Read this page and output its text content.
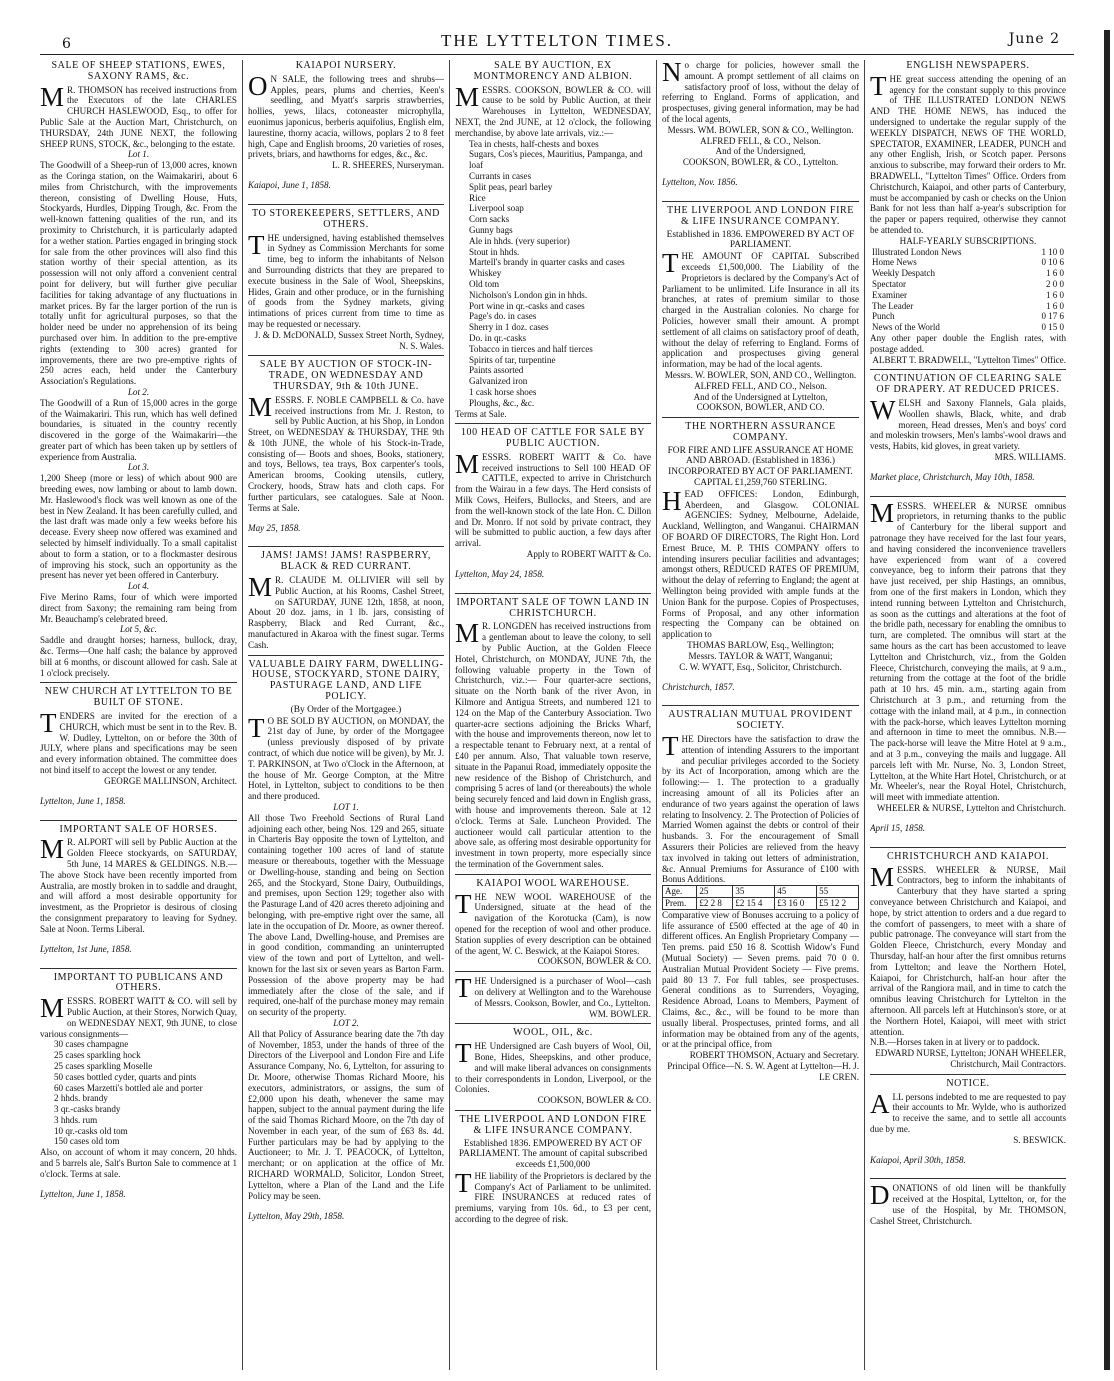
6	THE LYTTELTON TIMES.	June 2
SALE OF SHEEP STATIONS, EWES, SAXONY RAMS, &c.

M R. THOMSON has received instructions from the Executors of the late CHARLES CHURCH HASLEWOOD, Esq., to offer for Public Sale at the Auction Mart, Christchurch, on THURSDAY, 24th JUNE NEXT, the following SHEEP RUNS, STOCK, &c., belonging to the estate.

Lot 1.

The Goodwill of a Sheep-run of 13,000 acres, known as the Coringa station, on the Waimakariri, about 6 miles from Christchurch, with the improvements thereon, consisting of Dwelling House, Huts, Stockyards, Hurdles, Dipping Trough, &c. From the well-known fattening qualities of the run, and its proximity to Christchurch, it is particularly adapted for a wether station. Parties engaged in bringing stock for sale from the other provinces will also find this station worthy of their special attention, as its possession will not only afford a convenient central point for delivery, but will further give peculiar facilities for taking advantage of any fluctuations in market prices. By far the larger portion of the run is totally unfit for agricultural purposes, so that the holder need be under no apprehension of its being purchased over him. In addition to the pre-emptive rights (extending to 300 acres) granted for improvements, there are two pre-emptive rights of 250 acres each, held under the Canterbury Association's Regulations.

Lot 2.

The Goodwill of a Run of 15,000 acres in the gorge of the Waimakariri. This run, which has well defined boundaries, is situated in the country recently discovered in the gorge of the Waimakariri—the greater part of which has been taken up by settlers of experience from Australia.

Lot 3.

1,200 Sheep (more or less) of which about 900 are breeding ewes, now lambing or about to lamb down. Mr. Haslewood's flock was well known as one of the best in New Zealand. It has been carefully culled, and the last draft was made only a few weeks before his decease. Every sheep now offered was examined and selected by himself individually. To a small capitalist about to form a station, or to a flockmaster desirous of improving his stock, such an opportunity as the present has never yet been offered in Canterbury.

Lot 4.

Five Merino Rams, four of which were imported direct from Saxony; the remaining ram being from Mr. Beauchamp's celebrated breed.

Lot 5, &c.

Saddle and draught horses; harness, bullock, dray, &c. Terms—One half cash; the balance by approved bill at 6 months, or discount allowed for cash. Sale at 1 o'clock precisely.

NEW CHURCH AT LYTTELTON TO BE BUILT OF STONE.

TENDERS are invited for the erection of a CHURCH, which must be sent in to the Rev. B. W. Dudley, Lyttelton, on or before the 30th of JULY, where plans and specifications may be seen and every information obtained. The committee does not bind itself to accept the lowest or any tender.

GEORGE MALLINSON, Architect.

Lyttelton, June 1, 1858.

IMPORTANT SALE OF HORSES.

M R. ALPORT will sell by Public Auction at the Golden Fleece stockyards, on SATURDAY, 5th June, 14 MARES & GELDINGS. N.B.—The above Stock have been recently imported from Australia, are mostly broken in to saddle and draught, and will afford a most desirable opportunity for investment, as the Proprietor is desirous of closing the consignment preparatory to leaving for Sydney. Sale at Noon. Terms Liberal.

Lyttelton, 1st June, 1858.

IMPORTANT TO PUBLICANS AND OTHERS.

MESSRS. ROBERT WAITT & CO. will sell by Public Auction, at their Stores, Norwich Quay, on WEDNESDAY NEXT, 9th JUNE, to close various consignments—

30 cases champagne

25 cases sparkling hock

25 cases sparkling Moselle

50 cases bottled cyder, quarts and pints

60 cases Marzetti's bottled ale and porter

2 hhds. brandy

3 qr.-casks brandy

3 hhds. rum

10 qr.-casks old tom

150 cases old tom

Also, on account of whom it may concern, 20 hhds. and 5 barrels ale, Salt's Burton Sale to commence at 1 o'clock. Terms at sale.

Lyttelton, June 1, 1858.

KAIAPOI NURSERY.

O N SALE, the following trees and shrubs— Apples, pears, plums and cherries, Keen's seedling, and Myatt's sarpris strawberries, hollies, yews, lilacs, cotoneaster microphylla, euonimus japonicus, berberis aquifolius, English elm, laurestine, thorny acacia, willows, poplars 2 to 8 feet high, Cape and English brooms, 20 varieties of roses, privets, briars, and hawthorns for edges, &c., &c.

L. R. SHEERES, Nurseryman.

Kaiapoi, June 1, 1858.

TO STOREKEEPERS, SETTLERS, AND OTHERS.

THE undersigned, having established themselves in Sydney as Commission Merchants for some time, beg to inform the inhabitants of Nelson and Surrounding districts that they are prepared to execute business in the Sale of Wool, Sheepskins, Hides, Grain and other produce, or in the furnishing of goods from the Sydney markets, giving intimations of prices current from time to time as may be requested or necessary.

J. & D. McDONALD, Sussex Street North, Sydney, N. S. Wales.

SALE BY AUCTION OF STOCK-IN-TRADE, ON WEDNESDAY AND THURSDAY, 9th & 10th JUNE.

MESSRS. F. NOBLE CAMPBELL & Co. have received instructions from Mr. J. Reston, to sell by Public Auction, at his Shop, in London Street, on WEDNESDAY & THURSDAY, THE 9th & 10th JUNE, the whole of his Stock-in-Trade, consisting of— Boots and shoes, Books, stationery, and toys, Bellows, tea trays, Box carpenter's tools, American brooms, Cooking utensils, cutlery, Crockery, hoods, Straw hats and cloth caps. For further particulars, see catalogues. Sale at Noon. Terms at Sale.

May 25, 1858.

JAMS! JAMS! JAMS! RASPBERRY, BLACK & RED CURRANT.

M R. CLAUDE M. OLLIVIER will sell by Public Auction, at his Rooms, Cashel Street, on SATURDAY, JUNE 12th, 1858, at noon, About 20 doz. jams, in 1 lb. jars, consisting of Raspberry, Black and Red Currant, &c., manufactured in Akaroa with the finest sugar. Terms Cash.

VALUABLE DAIRY FARM, DWELLING-HOUSE, STOCKYARD, STONE DAIRY, PASTURAGE LAND, AND LIFE POLICY.
(By Order of the Mortgagee.)

T O BE SOLD BY AUCTION, on MONDAY, the 21st day of June, by order of the Mortgagee (unless previously disposed of by private contract, of which due notice will be given), by Mr. J. T. PARKINSON, at Two o'Clock in the Afternoon, at the house of Mr. George Compton, at the Mitre Hotel, in Lyttelton, subject to conditions to be then and there produced.

LOT 1.

All those Two Freehold Sections of Rural Land adjoining each other, being Nos. 129 and 265, situate in Charteris Bay opposite the town of Lyttelton, and containing together 100 acres of land of statute measure or thereabouts, together with the Messuage or Dwelling-house, standing and being on Section 265, and the Stockyard, Stone Dairy, Outbuildings, and premises, upon Section 129; together also with the Pasturage Land of 420 acres thereto adjoining and belonging, with pre-emptive right over the same, all late in the occupation of Dr. Moore, as owner thereof. The above Land, Dwelling-house, and Premises are in good condition, commanding an uninterrupted view of the town and port of Lyttelton, and well-known for the last six or seven years as Barton Farm. Possession of the above property may be had immediately after the close of the sale, and if required, one-half of the purchase money may remain on security of the property.

LOT 2.

All that Policy of Assurance bearing date the 7th day of November, 1853, under the hands of three of the Directors of the Liverpool and London Fire and Life Assurance Company, No. 6, Lyttelton, for assuring to Dr. Moore, otherwise Thomas Richard Moore, his executors, administrators, or assigns, the sum of £2,000 upon his death, whenever the same may happen, subject to the annual payment during the life of the said Thomas Richard Moore, on the 7th day of November in each year, of the sum of £63 8s. 4d. Further particulars may be had by applying to the Auctioneer; to Mr. J. T. PEACOCK, of Lyttelton, merchant; or on application at the office of Mr. RICHARD WORMALD, Solicitor, London Street, Lyttelton, where a Plan of the Land and the Life Policy may be seen.

Lyttelton, May 29th, 1858.

SALE BY AUCTION, EX MONTMORENCY AND ALBION.

MESSRS. COOKSON, BOWLER & CO. will cause to be sold by Public Auction, at their Warehouses in Lyttelton, WEDNESDAY, NEXT, the 2nd JUNE, at 12 o'clock, the following merchandise, by above late arrivals, viz.:—

Tea in chests, half-chests and boxes

Sugars, Cos's pieces, Mauritius, Pampanga, and loaf

Currants in cases

Split peas, pearl barley

Rice

Liverpool soap

Corn sacks

Gunny bags

Ale in hhds. (very superior)

Stout in hhds.

Martell's brandy in quarter casks and cases

Whiskey

Old tom

Nicholson's London gin in hhds.

Port wine in qr.-casks and cases

Page's do. in cases

Sherry in 1 doz. cases

Do. in qr.-casks

Tobacco in tierces and half tierces

Spirits of tar, turpentine

Paints assorted

Galvanized iron

1 cask horse shoes

Ploughs, &c., &c.

Terms at Sale.

100 HEAD OF CATTLE FOR SALE BY PUBLIC AUCTION.

MESSRS. ROBERT WAITT & Co. have received instructions to Sell 100 HEAD OF CATTLE, expected to arrive in Christchurch from the Wairau in a few days. The Herd consists of Milk Cows, Heifers, Bullocks, and Steers, and are from the well-known stock of the late Hon. C. Dillon and Dr. Monro. If not sold by private contract, they will be submitted to public auction, a few days after arrival.

Apply to ROBERT WAITT & Co.

Lyttelton, May 24, 1858.

IMPORTANT SALE OF TOWN LAND IN CHRISTCHURCH.

M R. LONGDEN has received instructions from a gentleman about to leave the colony, to sell by Public Auction, at the Golden Fleece Hotel, Christchurch, on MONDAY, JUNE 7th, the following valuable property in the Town of Christchurch, viz.:— Four quarter-acre sections, situate on the North bank of the river Avon, in Kilmore and Antigua Streets, and numbered 121 to 124 on the Map of the Canterbury Association. Two quarter-acre sections adjoining the Bricks Wharf, with the house and improvements thereon, now let to a respectable tenant to February next, at a rental of £40 per annum. Also, That valuable town reserve, situate in the Papanui Road, immediately opposite the new residence of the Bishop of Christchurch, and comprising 5 acres of land (or thereabouts) the whole being securely fenced and laid down in English grass, with house and improvements thereon. Sale at 12 o'clock. Terms at Sale. Luncheon Provided. The auctioneer would call particular attention to the above sale, as offering most desirable opportunity for investment in town property, more especially since the termination of the Government sales.

KAIAPOI WOOL WAREHOUSE.

THE NEW WOOL WAREHOUSE of the Undersigned, situate at the head of the navigation of the Korotucka (Cam), is now opened for the reception of wool and other produce. Station supplies of every description can be obtained of the agent, W. C. Beswick, at the Kaiapoi Stores.

COOKSON, BOWLER & CO.

THE Undersigned is a purchaser of Wool—cash on delivery at Wellington and to the Warehouse of Messrs. Cookson, Bowler, and Co., Lyttelton.

WM. BOWLER.

WOOL, OIL, &c.

THE Undersigned are Cash buyers of Wool, Oil, Bone, Hides, Sheepskins, and other produce, and will make liberal advances on consignments to their correspondents in London, Liverpool, or the Colonies.

COOKSON, BOWLER & CO.

THE LIVERPOOL AND LONDON FIRE & LIFE INSURANCE COMPANY.
Established 1836. EMPOWERED BY ACT OF PARLIAMENT. The amount of capital subscribed exceeds £1,500,000

THE liability of the Proprietors is declared by the Company's Act of Parliament to be unlimited. FIRE INSURANCES at reduced rates of premiums, varying from 10s. 6d., to £3 per cent, according to the degree of risk.

No charge for policies, however small the amount. A prompt settlement of all claims on satisfactory proof of loss, without the delay of referring to England. Forms of application, and prospectuses, giving general information, may be had of the local agents,

Messrs. WM. BOWLER, SON & CO., Wellington.

ALFRED FELL, & CO., Nelson.

And of the Undersigned,

COOKSON, BOWLER, & CO., Lyttelton.

Lyttelton, Nov. 1856.

THE LIVERPOOL AND LONDON FIRE & LIFE INSURANCE COMPANY.
Established in 1836. EMPOWERED BY ACT OF PARLIAMENT.

THE AMOUNT OF CAPITAL Subscribed exceeds £1,500,000. The Liability of the Proprietors is declared by the Company's Act of Parliament to be unlimited. Life Insurance in all its branches, at rates of premium similar to those charged in the Australian colonies. No charge for Policies, however small their amount. A prompt settlement of all claims on satisfactory proof of death, without the delay of referring to England. Forms of application and prospectuses giving general information, may be had of the local agents.

Messrs. W. BOWLER, SON, AND CO., Wellington.

ALFRED FELL, AND CO., Nelson.

And of the Undersigned at Lyttelton,

COOKSON, BOWLER, AND CO.

THE NORTHERN ASSURANCE COMPANY.
FOR FIRE AND LIFE ASSURANCE AT HOME AND ABROAD. (Established in 1836.) INCORPORATED BY ACT OF PARLIAMENT. CAPITAL £1,259,760 STERLING.

HEAD OFFICES: London, Edinburgh, Aberdeen, and Glasgow. COLONIAL AGENCIES: Sydney, Melbourne, Adelaide, Auckland, Wellington, and Wanganui. CHAIRMAN OF BOARD OF DIRECTORS, The Right Hon. Lord Ernest Bruce, M. P. THIS COMPANY offers to intending insurers peculiar facilities and advantages; amongst others, REDUCED RATES OF PREMIUM, without the delay of referring to England; the agent at Wellington being provided with ample funds at the Union Bank for the purpose. Copies of Prospectuses, Forms of Proposal, and any other information respecting the Company can be obtained on application to

THOMAS BARLOW, Esq., Wellington;

Messrs. TAYLOR & WATT, Wanganui;

C. W. WYATT, Esq., Solicitor, Christchurch.

Christchurch, 1857.

AUSTRALIAN MUTUAL PROVIDENT SOCIETY.

THE Directors have the satisfaction to draw the attention of intending Assurers to the important and peculiar privileges accorded to the Society by its Act of Incorporation, among which are the following:— 1. The protection to a gradually increasing amount of all its Policies after an endurance of two years against the operation of laws relating to Insolvency. 2. The Protection of Policies of Married Women against the debts or control of their husbands. 3. For the encouragement of Small Assurers their Policies are relieved from the heavy tax involved in taking out letters of administration, &c. Annual Premiums for Assurance of £100 with Bonus Additions.

Age.	25	35	45	55
Prem.	£2 2 8	£2 15 4	£3 16 0	£5 12 2

Comparative view of Bonuses accruing to a policy of life assurance of £500 effected at the age of 40 in different offices. An English Proprietary Company — Ten prems. paid £50 16 8. Scottish Widow's Fund (Mutual Society) — Seven prems. paid 70 0 0. Australian Mutual Provident Society — Five prems. paid 80 13 7. For full tables, see prospectuses. General conditions as to Surrenders, Voyaging, Residence Abroad, Loans to Members, Payment of Claims, &c., &c., will be found to be more than usually liberal. Prospectuses, printed forms, and all information may be obtained from any of the agents, or at the principal office, from

ROBERT THOMSON, Actuary and Secretary. Principal Office—N. S. W. Agent at Lyttelton—H. J. LE CREN.

ENGLISH NEWSPAPERS.

THE great success attending the opening of an agency for the constant supply to this province of THE ILLUSTRATED LONDON NEWS AND THE HOME NEWS, has induced the undersigned to undertake the regular supply of the WEEKLY DISPATCH, NEWS OF THE WORLD, SPECTATOR, EXAMINER, LEADER, PUNCH and any other English, Irish, or Scotch paper. Persons anxious to subscribe, may forward their orders to Mr. BRADWELL, "Lyttelton Times" Office. Orders from Christchurch, Kaiapoi, and other parts of Canterbury, must be accompanied by cash or checks on the Union Bank for not less than half a-year's subscription for the paper or papers required, otherwise they cannot be attended to.

HALF-YEARLY SUBSCRIPTIONS.

Illustrated London News	1 10 0
Home News	0 10 6
Weekly Despatch	1 6 0
Spectator	2 0 0
Examiner	1 6 0
The Leader	1 6 0
Punch	0 17 6
News of the World	0 15 0

Any other paper double the English rates, with postage added.

ALBERT T. BRADWELL, "Lyttelton Times" Office.

CONTINUATION OF CLEARING SALE OF DRAPERY. AT REDUCED PRICES.

WELSH and Saxony Flannels, Gala plaids, Woollen shawls, Black, white, and drab moreen, Head dresses, Men's and boys' cord and moleskin trowsers, Men's lambs'-wool draws and vests, Habits, kid gloves, in great variety.

MRS. WILLIAMS.

Market place, Christchurch, May 10th, 1858.

MESSRS. WHEELER & NURSE omnibus proprietors, in returning thanks to the public of Canterbury for the liberal support and patronage they have received for the last four years, and having considered the inconvenience travellers have experienced from want of a covered conveyance, beg to inform their patrons that they have just received, per ship Hastings, an omnibus, from one of the first makers in London, which they intend running between Lyttelton and Christchurch, as soon as the cuttings and alterations at the foot of the bridle path, necessary for enabling the omnibus to turn, are completed. The omnibus will start at the same hours as the cart has been accustomed to leave Lyttelton and Christchurch, viz., from the Golden Fleece, Christchurch, conveying the mails, at 9 a.m., returning from the cottage at the foot of the bridle path at 10 hrs. 45 min. a.m., starting again from Christchurch at 3 p.m., and returning from the cottage with the inland mail, at 4 p.m., in connection with the pack-horse, which leaves Lyttelton morning and afternoon in time to meet the omnibus. N.B.—The pack-horse will leave the Mitre Hotel at 9 a.m., and at 3 p.m., conveying the mails and luggage. All parcels left with Mr. Nurse, No. 3, London Street, Lyttelton, at the White Hart Hotel, Christchurch, or at Mr. Wheeler's, near the Royal Hotel, Christchurch, will meet with immediate attention.

WHEELER & NURSE, Lyttelton and Christchurch.

April 15, 1858.

CHRISTCHURCH AND KAIAPOI.

MESSRS. WHEELER & NURSE, Mail Contractors, beg to inform the inhabitants of Canterbury that they have started a spring conveyance between Christchurch and Kaiapoi, and hope, by strict attention to orders and a due regard to the comfort of passengers, to meet with a share of public patronage. The conveyance will start from the Golden Fleece, Christchurch, every Monday and Thursday, half-an hour after the first omnibus returns from Lyttelton; and leave the Northern Hotel, Kaiapoi, for Christchurch, half-an hour after the arrival of the Rangiora mail, and in time to catch the omnibus leaving Christchurch for Lyttelton in the afternoon. All parcels left at Hutchinson's store, or at the Northern Hotel, Kaiapoi, will meet with strict attention.

N.B.—Horses taken in at livery or to paddock.

EDWARD NURSE, Lyttelton; JONAH WHEELER, Christchurch, Mail Contractors.

NOTICE.

ALL persons indebted to me are requested to pay their accounts to Mr. Wylde, who is authorized to receive the same, and to settle all accounts due by me.

S. BESWICK.

Kaiapoi, April 30th, 1858.

DONATIONS of old linen will be thankfully received at the Hospital, Lyttelton, or, for the use of the Hospital, by Mr. THOMSON, Cashel Street, Christchurch.
